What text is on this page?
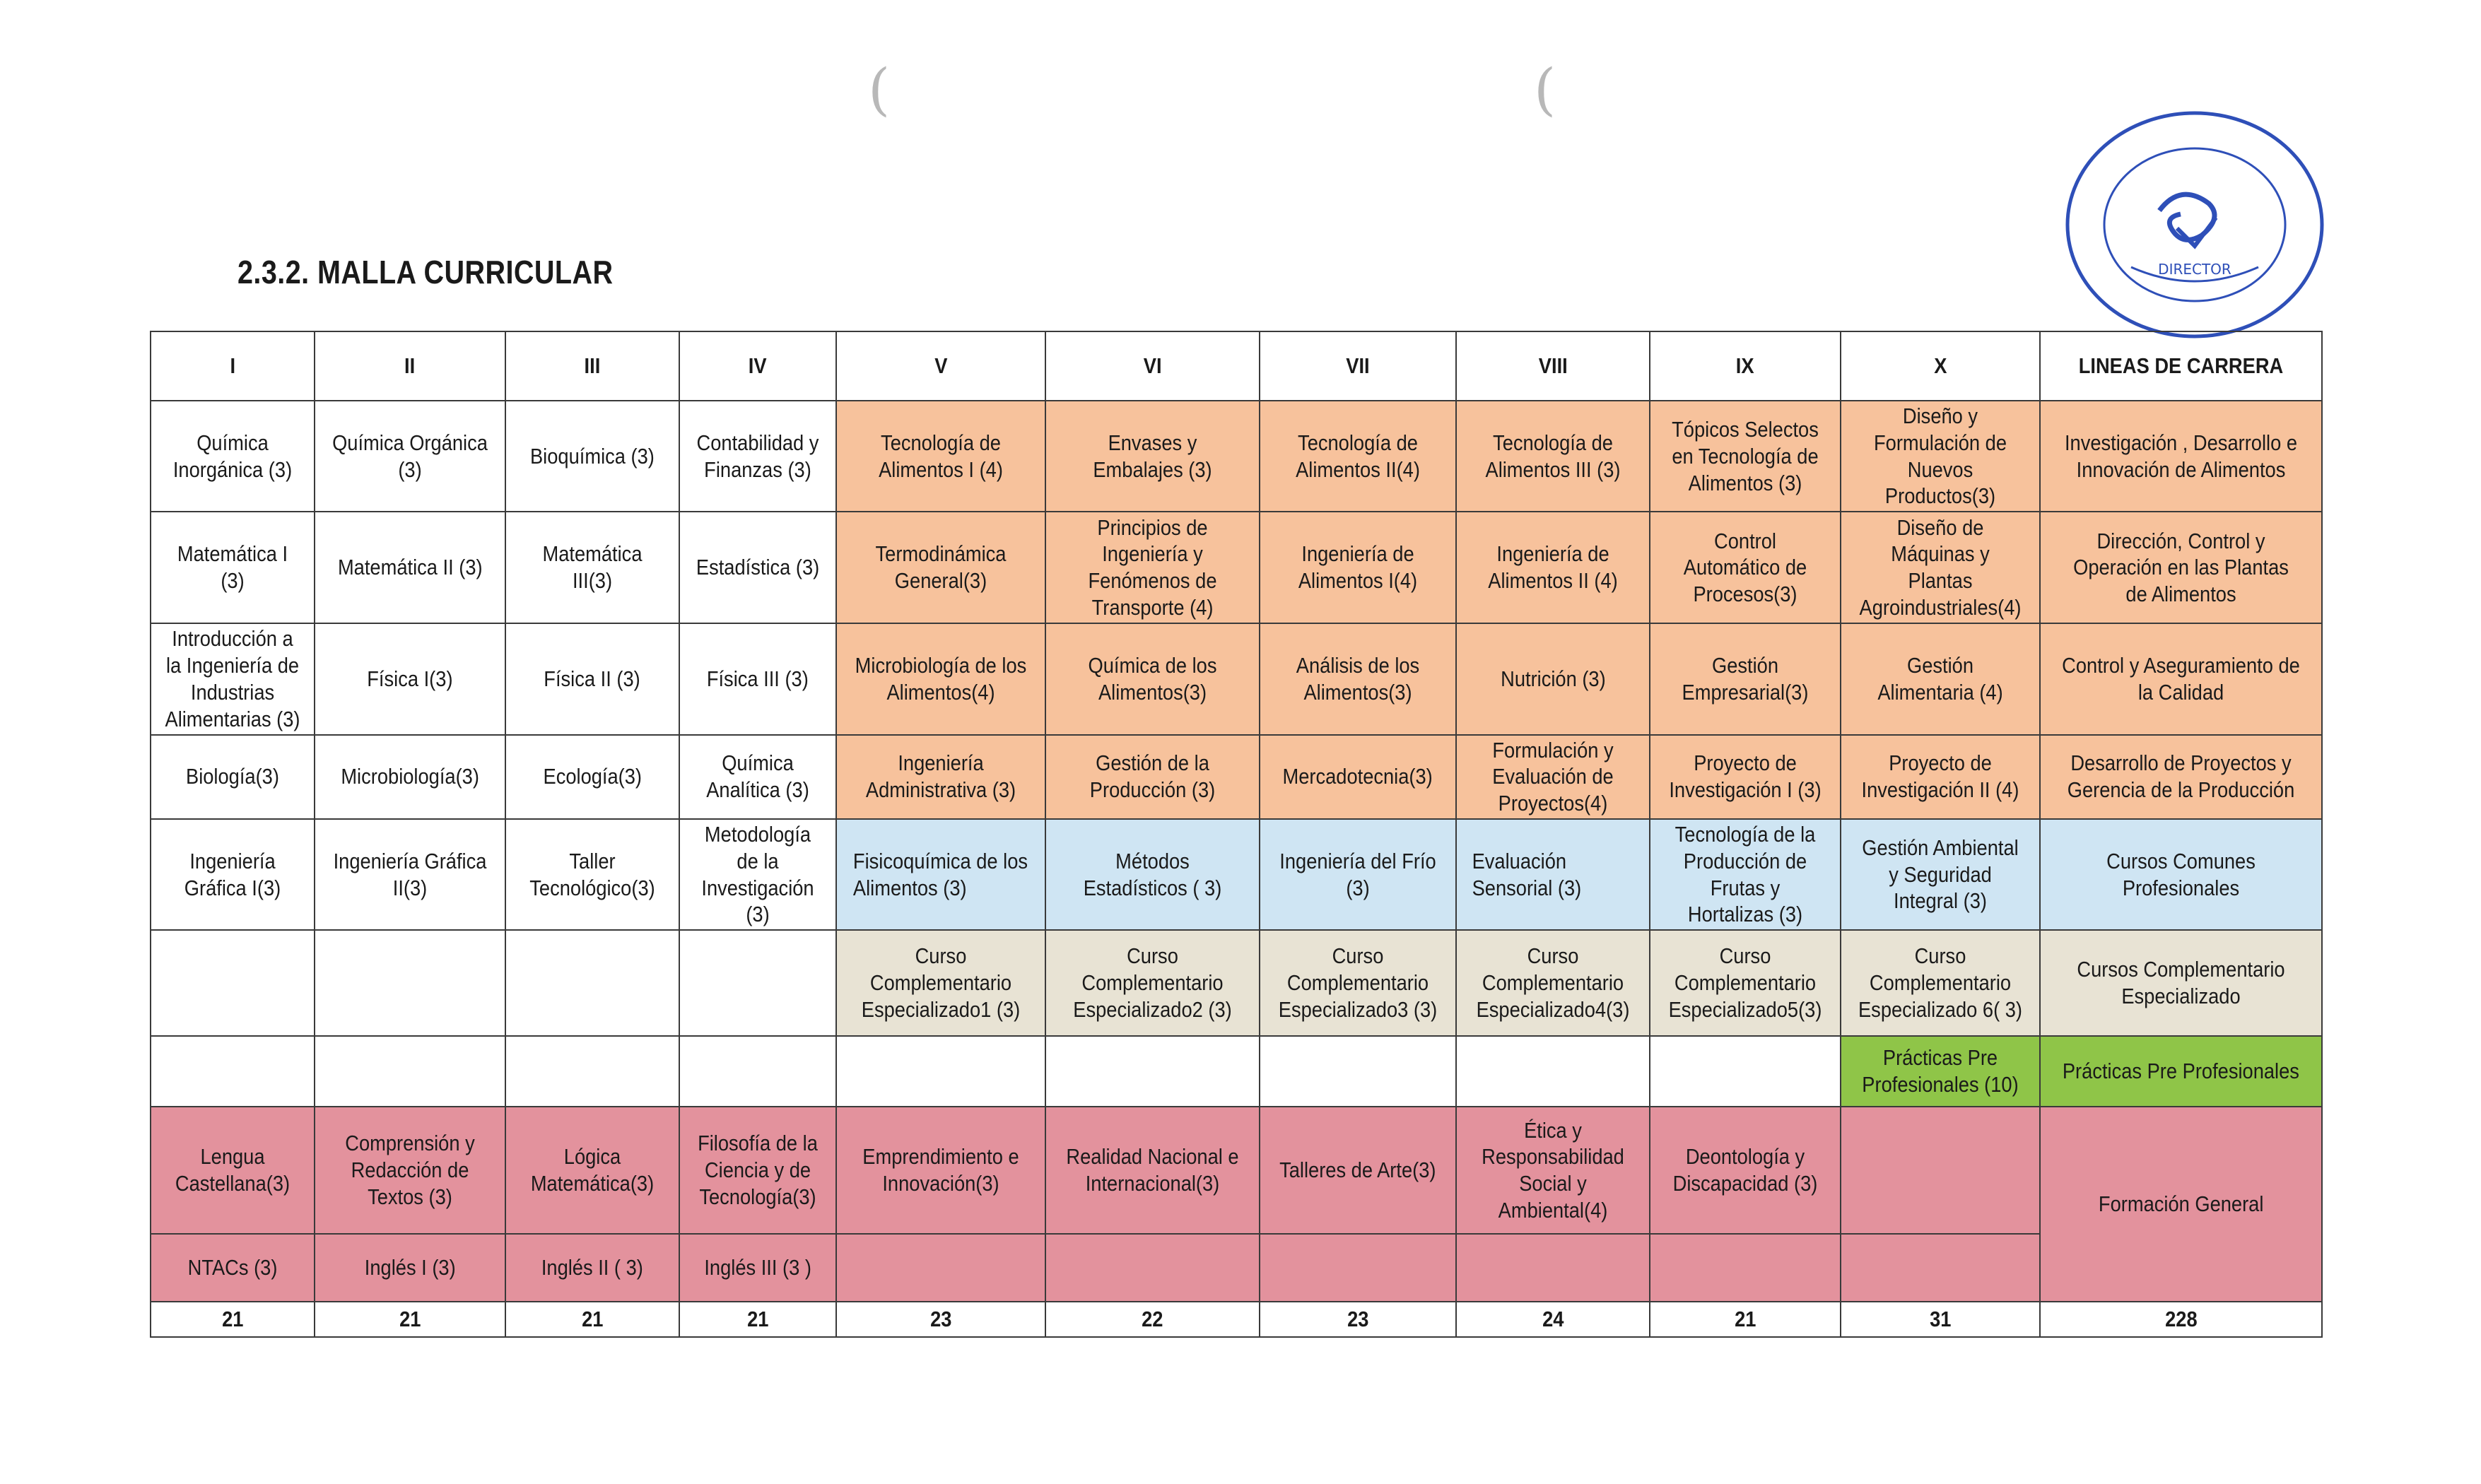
(	(
DIRECTOR
2.3.2. MALLA CURRICULAR
I	II	III	IV	V	VI	VII	VIII	IX	X	LINEAS DE CARRERA
Química Inorgánica (3)	Química Orgánica (3)	Bioquímica (3)	Contabilidad y Finanzas (3)	Tecnología de Alimentos I (4)	Envases y Embalajes (3)	Tecnología de Alimentos II(4)	Tecnología de Alimentos III (3)	Tópicos Selectos en Tecnología de Alimentos (3)	Diseño y Formulación de Nuevos Productos(3)	Investigación , Desarrollo e Innovación de Alimentos
Matemática I (3)	Matemática II (3)	Matemática III(3)	Estadística (3)	Termodinámica General(3)	Principios de Ingeniería y Fenómenos de Transporte (4)	Ingeniería de Alimentos I(4)	Ingeniería de Alimentos II (4)	Control Automático de Procesos(3)	Diseño de Máquinas y Plantas Agroindustriales(4)	Dirección, Control y Operación en las Plantas de Alimentos
Introducción a la Ingeniería de Industrias Alimentarias (3)	Física I(3)	Física II (3)	Física III (3)	Microbiología de los Alimentos(4)	Química de los Alimentos(3)	Análisis de los Alimentos(3)	Nutrición (3)	Gestión Empresarial(3)	Gestión Alimentaria (4)	Control y Aseguramiento de la Calidad
Biología(3)	Microbiología(3)	Ecología(3)	Química Analítica (3)	Ingeniería Administrativa (3)	Gestión de la Producción (3)	Mercadotecnia(3)	Formulación y Evaluación de Proyectos(4)	Proyecto de Investigación I (3)	Proyecto de Investigación II (4)	Desarrollo de Proyectos y Gerencia de la Producción
Ingeniería Gráfica I(3)	Ingeniería Gráfica II(3)	Taller Tecnológico(3)	Metodología de la Investigación (3)	Fisicoquímica de los Alimentos (3)	Métodos Estadísticos ( 3)	Ingeniería del Frío (3)	Evaluación Sensorial (3)	Tecnología de la Producción de Frutas y Hortalizas (3)	Gestión Ambiental y Seguridad Integral (3)	Cursos Comunes Profesionales
				Curso Complementario Especializado1 (3)	Curso Complementario Especializado2 (3)	Curso Complementario Especializado3 (3)	Curso Complementario Especializado4(3)	Curso Complementario Especializado5(3)	Curso Complementario Especializado 6( 3)	Cursos Complementario Especializado
									Prácticas Pre Profesionales (10)	Prácticas Pre Profesionales
Lengua Castellana(3)	Comprensión y Redacción de Textos (3)	Lógica Matemática(3)	Filosofía de la Ciencia y de Tecnología(3)	Emprendimiento e Innovación(3)	Realidad Nacional e Internacional(3)	Talleres de Arte(3)	Ética y Responsabilidad Social y Ambiental(4)	Deontología y Discapacidad (3)		Formación General
NTACs (3)	Inglés I (3)	Inglés II ( 3)	Inglés III (3 )							
21	21	21	21	23	22	23	24	21	31	228
